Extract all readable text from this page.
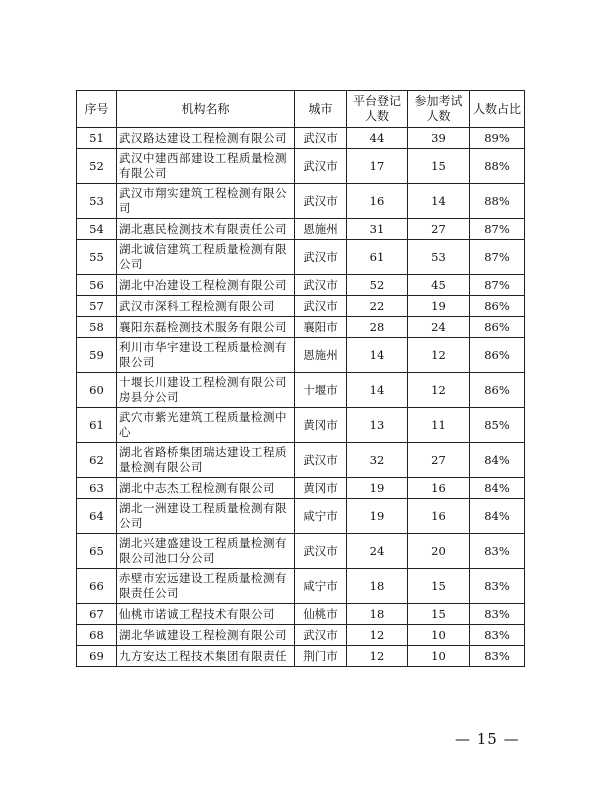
序号	机构名称	城市	平台登记人数	参加考试人数	人数占比
51	武汉路达建设工程检测有限公司	武汉市	44	39	89%
52	武汉中建西部建设工程质量检测有限公司	武汉市	17	15	88%
53	武汉市翔实建筑工程检测有限公司	武汉市	16	14	88%
54	湖北惠民检测技术有限责任公司	恩施州	31	27	87%
55	湖北诚信建筑工程质量检测有限公司	武汉市	61	53	87%
56	湖北中冶建设工程检测有限公司	武汉市	52	45	87%
57	武汉市深科工程检测有限公司	武汉市	22	19	86%
58	襄阳东磊检测技术服务有限公司	襄阳市	28	24	86%
59	利川市华宇建设工程质量检测有限公司	恩施州	14	12	86%
60	十堰长川建设工程检测有限公司房县分公司	十堰市	14	12	86%
61	武穴市紫光建筑工程质量检测中心	黄冈市	13	11	85%
62	湖北省路桥集团瑞达建设工程质量检测有限公司	武汉市	32	27	84%
63	湖北中志杰工程检测有限公司	黄冈市	19	16	84%
64	湖北一洲建设工程质量检测有限公司	咸宁市	19	16	84%
65	湖北兴建盛建设工程质量检测有限公司池口分公司	武汉市	24	20	83%
66	赤壁市宏远建设工程质量检测有限责任公司	咸宁市	18	15	83%
67	仙桃市诺诚工程技术有限公司	仙桃市	18	15	83%
68	湖北华诚建设工程检测有限公司	武汉市	12	10	83%
69	九方安达工程技术集团有限责任	荆门市	12	10	83%
— 15 —
